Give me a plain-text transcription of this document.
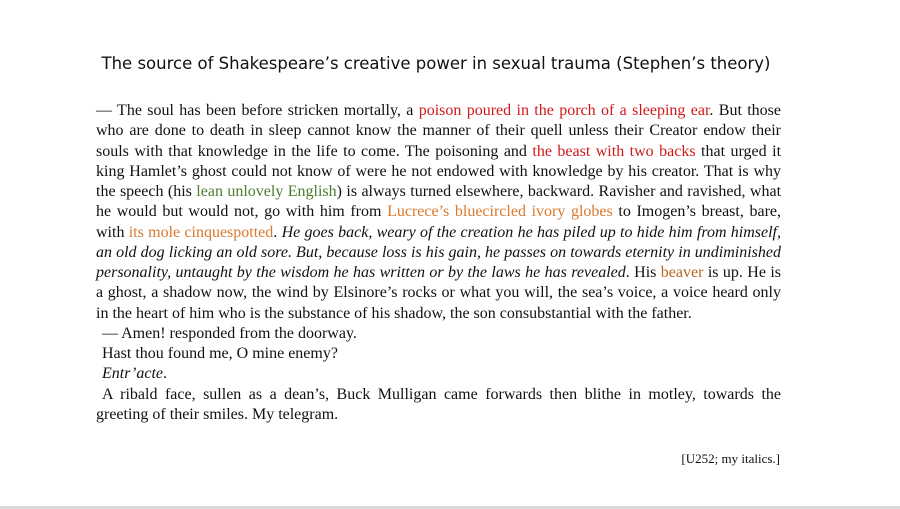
The source of Shakespeare’s creative power in sexual trauma (Stephen’s theory)

— The soul has been before stricken mortally, a poison poured in the porch of a sleeping ear. But those who are done to death in sleep cannot know the manner of their quell unless their Creator endow their souls with that knowledge in the life to come. The poisoning and the beast with two backs that urged it king Hamlet’s ghost could not know of were he not endowed with knowledge by his creator. That is why the speech (his lean unlovely English) is always turned elsewhere, backward. Ravisher and ravished, what he would but would not, go with him from Lucrece’s bluecircled ivory globes to Imogen’s breast, bare, with its mole cinquespotted. He goes back, weary of the creation he has piled up to hide him from himself, an old dog licking an old sore. But, because loss is his gain, he passes on towards eternity in undiminished personality, untaught by the wisdom he has written or by the laws he has revealed. His beaver is up. He is a ghost, a shadow now, the wind by Elsinore’s rocks or what you will, the sea’s voice, a voice heard only in the heart of him who is the substance of his shadow, the son consubstantial with the father.

— Amen! responded from the doorway.

Hast thou found me, O mine enemy?

Entr’acte.

A ribald face, sullen as a dean’s, Buck Mulligan came forwards then blithe in motley, towards the greeting of their smiles. My telegram.

[U252; my italics.]
